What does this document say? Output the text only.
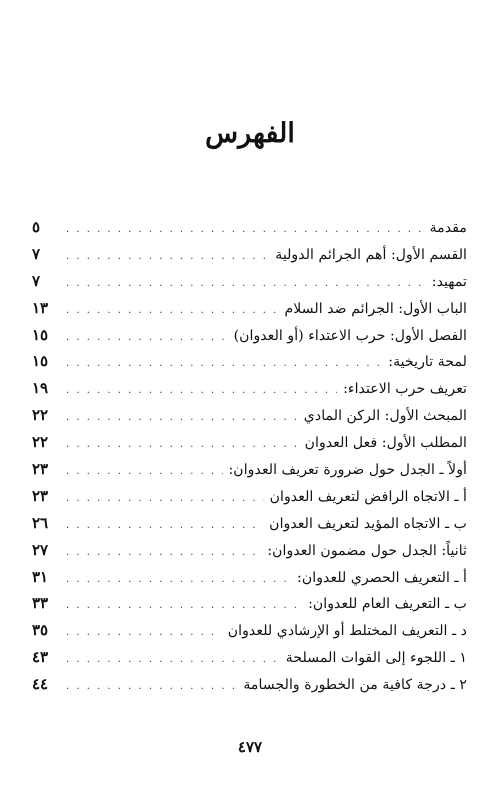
الفهرس
مقدمة
. . .
٥
القسم الأول: أهم الجرائم الدولية
. . .
٧
تمهيد:
. . .
٧
الباب الأول: الجرائم ضد السلام
. . .
١٣
الفصل الأول: حرب الاعتداء (أو العدوان)
. . .
١٥
لمحة تاريخية:
. . .
١٥
تعريف حرب الاعتداء:
. . .
١٩
المبحث الأول: الركن المادي
. . .
٢٢
المطلب الأول: فعل العدوان
. . .
٢٢
أولاً ـ الجدل حول ضرورة تعريف العدوان:
. . .
٢٣
أ ـ الاتجاه الرافض لتعريف العدوان
. . .
٢٣
ب ـ الاتجاه المؤيد لتعريف العدوان
. . .
٢٦
ثانياً: الجدل حول مضمون العدوان:
. . .
٢٧
أ ـ التعريف الحصري للعدوان:
. . .
٣١
ب ـ التعريف العام للعدوان:
. . .
٣٣
د ـ التعريف المختلط أو الإرشادي للعدوان
. . .
٣٥
١ ـ اللجوء إلى القوات المسلحة
. . .
٤٣
٢ ـ درجة كافية من الخطورة والجسامة
. . .
٤٤
٤٧٧
